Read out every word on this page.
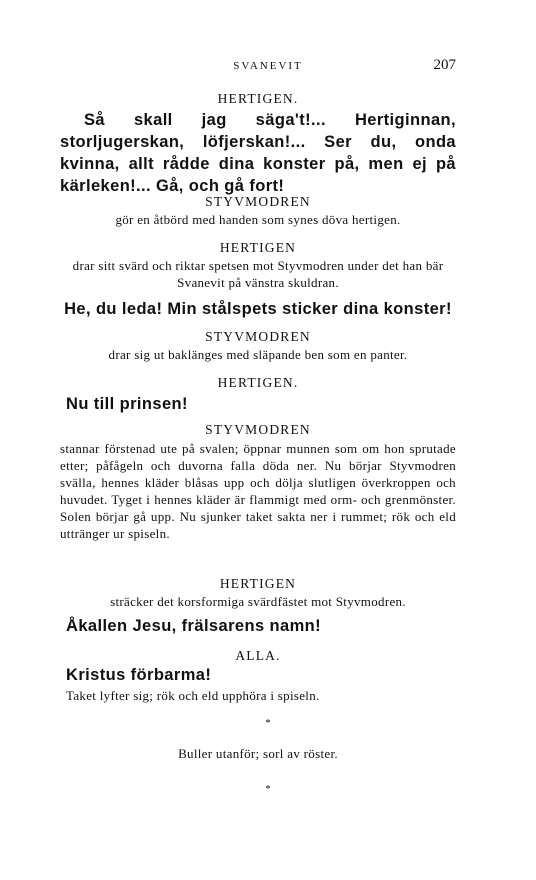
SVANEVIT	207
HERTIGEN.
Så skall jag säga't!... Hertiginnan, storljugerskan, löfjerskan!... Ser du, onda kvinna, allt rådde dina konster på, men ej på kärleken!... Gå, och gå fort!
STYVMODREN
gör en åtbörd med handen som synes döva hertigen.
HERTIGEN
drar sitt svärd och riktar spetsen mot Styvmodren under det han bär Svanevit på vänstra skuldran.
He, du leda! Min stålspets sticker dina konster!
STYVMODREN
drar sig ut baklänges med släpande ben som en panter.
HERTIGEN.
Nu till prinsen!
STYVMODREN
stannar förstenad ute på svalen; öppnar munnen som om hon sprutade etter; påfågeln och duvorna falla döda ner. Nu börjar Styvmodren svälla, hennes kläder blåsas upp och dölja slutligen överkroppen och huvudet. Tyget i hennes kläder är flammigt med orm- och grenmönster. Solen börjar gå upp. Nu sjunker taket sakta ner i rummet; rök och eld uttränger ur spiseln.
HERTIGEN
sträcker det korsformiga svärdfästet mot Styvmodren.
Åkallen Jesu, frälsarens namn!
ALLA.
Kristus förbarma!
Taket lyfter sig; rök och eld upphöra i spiseln.
*
Buller utanför; sorl av röster.
*
